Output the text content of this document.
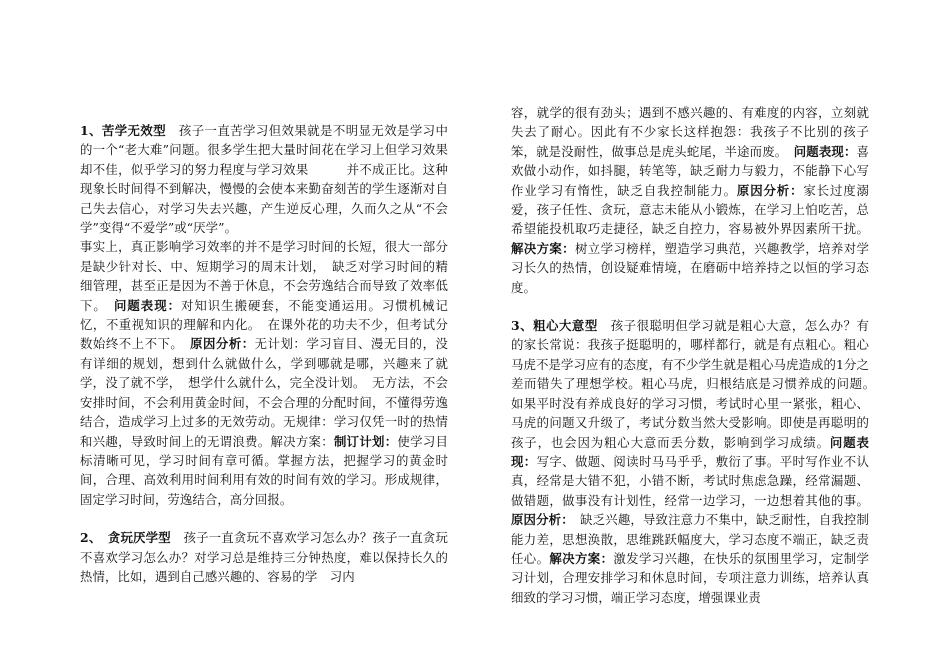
1、苦学无效型　孩子一直苦学习但效果就是不明显无效是学习中的一个“老大难”问题。很多学生把大量时间花在学习上但学习效果却不佳，似乎学习的努力程度与学习效果　　　并不成正比。这种现象长时间得不到解决，慢慢的会使本来勤奋刻苦的学生逐渐对自己失去信心，对学习失去兴趣，产生逆反心理，久而久之从“不会学”变得“不爱学”或“厌学”。

事实上，真正影响学习效率的并不是学习时间的长短，很大一部分是缺少针对长、中、短期学习的周末计划，　缺乏对学习时间的精细管理，甚至正是因为不善于休息，不会劳逸结合而导致了效率低下。　问题表现：对知识生搬硬套，不能变通运用。习惯机械记忆，不重视知识的理解和内化。　在课外花的功夫不少，但考试分数始终不上不下。　原因分析：无计划：学习盲目、漫无目的，没有详细的规划，想到什么就做什么，学到哪就是哪，兴趣来了就学，没了就不学，　想学什么就什么，完全没计划。　无方法，不会安排时间，不会利用黄金时间，不会合理的分配时间，不懂得劳逸结合，造成学习上过多的无效劳动。无规律：学习仅凭一时的热情和兴趣，导致时间上的无谓浪费。解决方案：制订计划：使学习目标清晰可见，学习时间有章可循。掌握方法，把握学习的黄金时间，合理、高效利用时间利用有效的时间有效的学习。形成规律，固定学习时间，劳逸结合，高分回报。

2、　贪玩厌学型　孩子一直贪玩不喜欢学习怎么办？孩子一直贪玩不喜欢学习怎么办？对学习总是维持三分钟热度，难以保持长久的热情，比如，遇到自己感兴趣的、容易的学　习内

容，就学的很有劲头；遇到不感兴趣的、有难度的内容，立刻就失去了耐心。因此有不少家长这样抱怨：我孩子不比别的孩子笨，就是没耐性，做事总是虎头蛇尾，半途而废。　问题表现：喜欢做小动作，如抖腿，转笔等，缺乏耐力与毅力，不能静下心写作业学习有惰性，缺乏自我控制能力。原因分析：家长过度溺爱，孩子任性、贪玩，意志未能从小锻炼，在学习上怕吃苦，总希望能投机取巧走捷径，缺乏自控力，容易被外界因素所干扰。解决方案：树立学习榜样，塑造学习典范，兴趣教学，培养对学习长久的热情，创设疑难情境，在磨砺中培养持之以恒的学习态度。

3、粗心大意型　孩子很聪明但学习就是粗心大意，怎么办？有的家长常说：我孩子挺聪明的，哪样都行，就是有点粗心。粗心马虎不是学习应有的态度，有不少学生就是粗心马虎造成的1分之差而错失了理想学校。粗心马虎，归根结底是习惯养成的问题。　如果平时没有养成良好的学习习惯，考试时心里一紧张，粗心、马虎的问题又升级了，考试分数当然大受影响。即使是再聪明的孩子，也会因为粗心大意而丢分数，影响到学习成绩。问题表现：写字、做题、阅读时马马乎乎，敷衍了事。平时写作业不认真，经常是大错不犯，小错不断，考试时焦虑急躁，经常漏题、做错题，做事没有计划性，经常一边学习，一边想着其他的事。原因分析：　缺乏兴趣，导致注意力不集中，缺乏耐性，自我控制能力差，思想涣散，思维跳跃幅度大，学习态度不端正，缺乏责任心。解决方案：激发学习兴趣，在快乐的氛围里学习，定制学习计划，合理安排学习和休息时间，专项注意力训练，培养认真细致的学习习惯，端正学习态度，增强课业责
